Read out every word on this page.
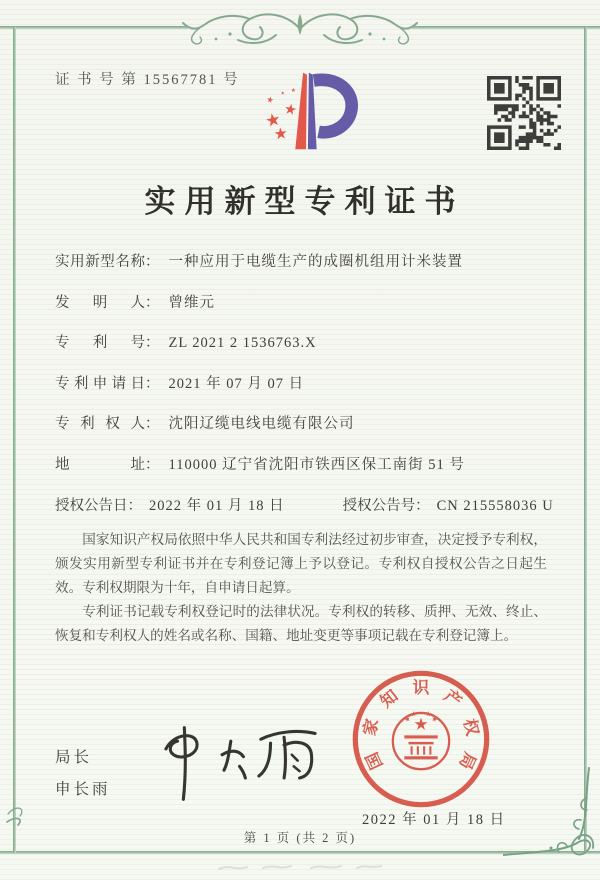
证 书 号 第 15567781 号
实用新型专利证书
实用新型名称： 一种应用于电缆生产的成圈机组用计米装置
发明人： 曾维元
专利号： ZL 2021 2 1536763.X
专利申请日： 2021 年 07 月 07 日
专利权人： 沈阳辽缆电线电缆有限公司
地址： 110000 辽宁省沈阳市铁西区保工南街 51 号
授权公告日： 2022 年 01 月 18 日	授权公告号： CN 215558036 U

国家知识产权局依照中华人民共和国专利法经过初步审查，决定授予专利权，颁发实用新型专利证书并在专利登记簿上予以登记。专利权自授权公告之日起生效。专利权期限为十年，自申请日起算。

专利证书记载专利权登记时的法律状况。专利权的转移、质押、无效、终止、恢复和专利权人的姓名或名称、国籍、地址变更等事项记载在专利登记簿上。

局长
申长雨
国
家
知 识 产
权
局
2022 年 01 月 18 日
第 1 页 (共 2 页)
